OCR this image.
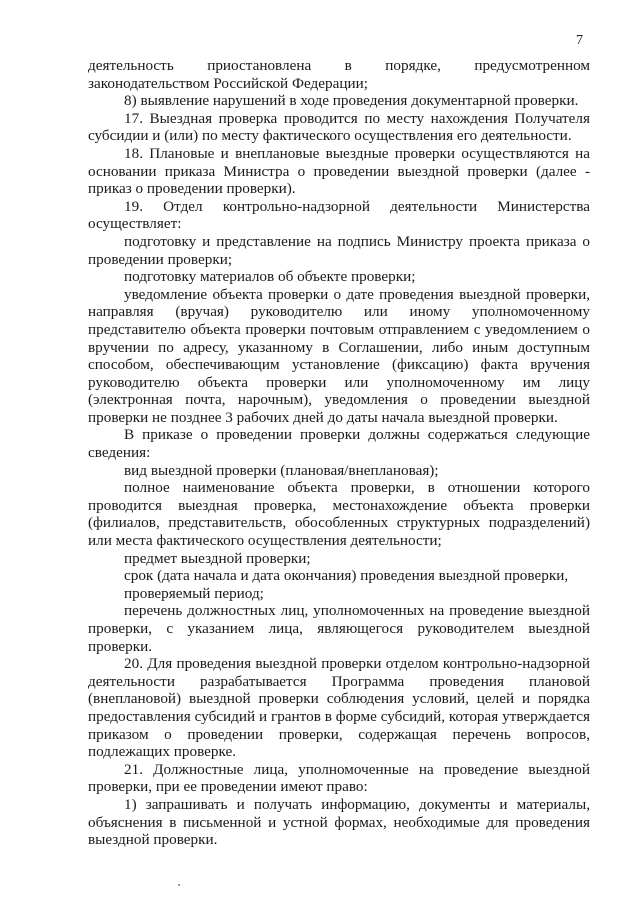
7

деятельность приостановлена в порядке, предусмотренном законодательством Российской Федерации;

8) выявление нарушений в ходе проведения документарной проверки.

17. Выездная проверка проводится по месту нахождения Получателя субсидии и (или) по месту фактического осуществления его деятельности.

18. Плановые и внеплановые выездные проверки осуществляются на основании приказа Министра о проведении выездной проверки (далее - приказ о проведении проверки).

19. Отдел контрольно-надзорной деятельности Министерства осуществляет:

подготовку и представление на подпись Министру проекта приказа о проведении проверки;

подготовку материалов об объекте проверки;

уведомление объекта проверки о дате проведения выездной проверки, направляя (вручая) руководителю или иному уполномоченному представителю объекта проверки почтовым отправлением с уведомлением о вручении по адресу, указанному в Соглашении, либо иным доступным способом, обеспечивающим установление (фиксацию) факта вручения руководителю объекта проверки или уполномоченному им лицу (электронная почта, нарочным), уведомления о проведении выездной проверки не позднее 3 рабочих дней до даты начала выездной проверки.

В приказе о проведении проверки должны содержаться следующие сведения:

вид выездной проверки (плановая/внеплановая);

полное наименование объекта проверки, в отношении которого проводится выездная проверка, местонахождение объекта проверки (филиалов, представительств, обособленных структурных подразделений) или места фактического осуществления деятельности;

предмет выездной проверки;

срок (дата начала и дата окончания) проведения выездной проверки,

проверяемый период;

перечень должностных лиц, уполномоченных на проведение выездной проверки, с указанием лица, являющегося руководителем выездной проверки.

20. Для проведения выездной проверки отделом контрольно-надзорной деятельности разрабатывается Программа проведения плановой (внеплановой) выездной проверки соблюдения условий, целей и порядка предоставления субсидий и грантов в форме субсидий, которая утверждается приказом о проведении проверки, содержащая перечень вопросов, подлежащих проверке.

21. Должностные лица, уполномоченные на проведение выездной проверки, при ее проведении имеют право:

1) запрашивать и получать информацию, документы и материалы, объяснения в письменной и устной формах, необходимые для проведения выездной проверки.
